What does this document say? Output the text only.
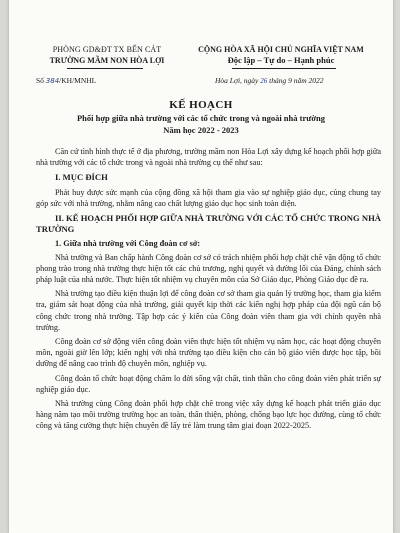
PHÒNG GD&ĐT TX BẾN CÁT
TRƯỜNG MẦM NON HÒA LỢI
CỘNG HÒA XÃ HỘI CHỦ NGHĨA VIỆT NAM
Độc lập – Tự do – Hạnh phúc
Số 384/KH/MNHL	Hòa Lợi, ngày 26 tháng 9 năm 2022
KẾ HOẠCH
Phối hợp giữa nhà trường với các tổ chức trong và ngoài nhà trường
Năm học 2022 - 2023

Căn cứ tình hình thực tế ở địa phương, trường mầm non Hòa Lợi xây dựng kế hoạch phối hợp giữa nhà trường với các tổ chức trong và ngoài nhà trường cụ thể như sau:

I. MỤC ĐÍCH

Phát huy được sức mạnh của cộng đồng xã hội tham gia vào sự nghiệp giáo dục, củng chung tay góp sức với nhà trường, nhằm nâng cao chất lượng giáo dục học sinh toàn diện.

II. KẾ HOẠCH PHỐI HỢP GIỮA NHÀ TRƯỜNG VỚI CÁC TỔ CHỨC TRONG NHÀ TRƯỜNG
1. Giữa nhà trường với Công đoàn cơ sở:

Nhà trường và Ban chấp hành Công đoàn cơ sở có trách nhiệm phối hợp chặt chẽ vận động tổ chức phong trào trong nhà trường thực hiện tốt các chủ trương, nghị quyết và đường lối của Đảng, chính sách pháp luật của nhà nước. Thực hiện tốt nhiệm vụ chuyên môn của Sở Giáo dục, Phòng Giáo dục đề ra.

Nhà trường tạo điều kiện thuận lợi để công đoàn cơ sở tham gia quản lý trường học, tham gia kiểm tra, giám sát hoạt động của nhà trường, giải quyết kịp thời các kiến nghị hợp pháp của đội ngũ cán bộ công chức trong nhà trường. Tập hợp các ý kiến của Công đoàn viên tham gia với chính quyền nhà trường.

Công đoàn cơ sở động viên công đoàn viên thực hiện tốt nhiệm vụ năm học, các hoạt động chuyên môn, ngoài giờ lên lớp; kiến nghị với nhà trường tạo điều kiện cho cán bộ giáo viên được học tập, bồi dưỡng để nâng cao trình độ chuyên môn, nghiệp vụ.

Công đoàn tổ chức hoạt động chăm lo đời sống vật chất, tinh thần cho công đoàn viên phát triển sự nghiệp giáo dục.

Nhà trường cùng Công đoàn phối hợp chặt chẽ trong việc xây dựng kế hoạch phát triển giáo dục hàng năm tạo môi trường trường học an toàn, thân thiện, phòng, chống bạo lực học đường, cùng tổ chức công và tăng cường thực hiện chuyên đề lấy trẻ làm trung tâm giai đoạn 2022-2025.
